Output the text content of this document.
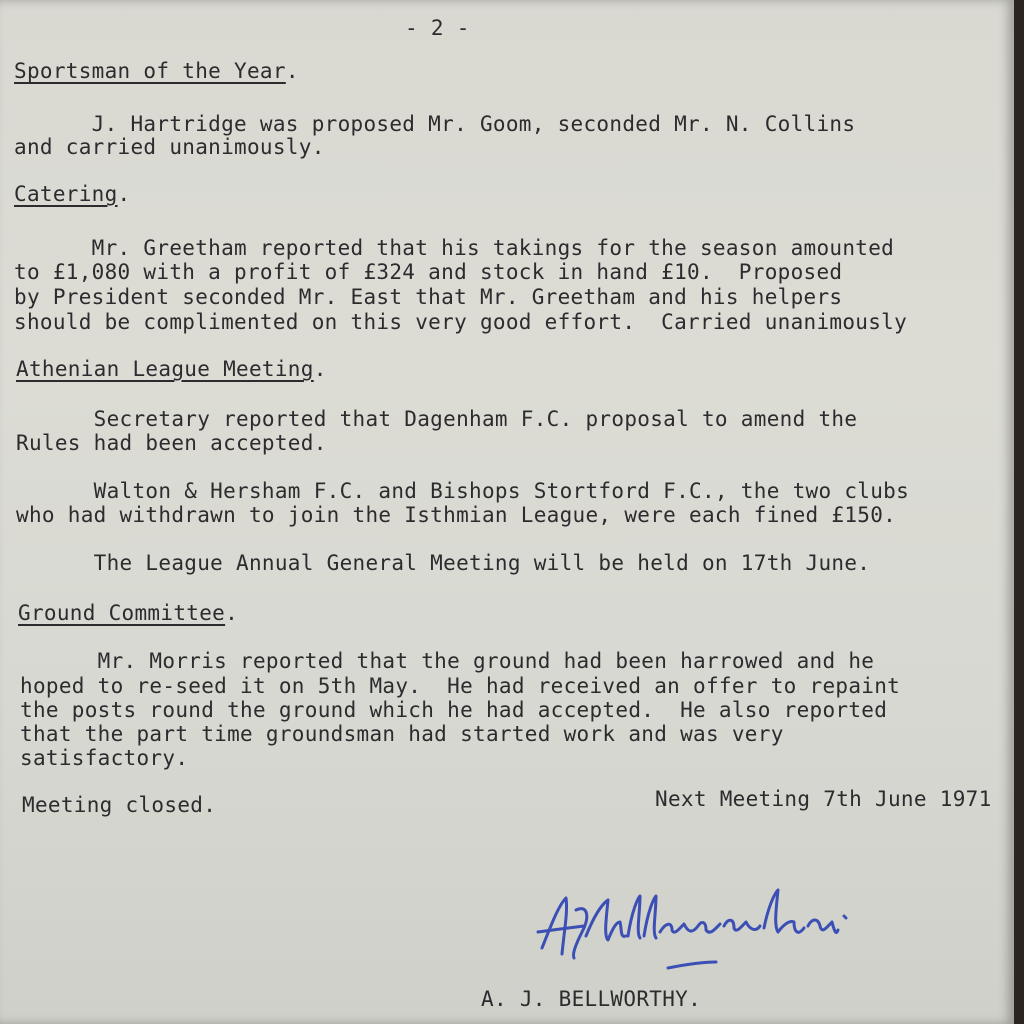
- 2 -
Sportsman of the Year.
J. Hartridge was proposed Mr. Goom, seconded Mr. N. Collins
and carried unanimously.
Catering.
Mr. Greetham reported that his takings for the season amounted
to £1,080 with a profit of £324 and stock in hand £10.  Proposed
by President seconded Mr. East that Mr. Greetham and his helpers
should be complimented on this very good effort.  Carried unanimously
Athenian League Meeting.
Secretary reported that Dagenham F.C. proposal to amend the
Rules had been accepted.
Walton & Hersham F.C. and Bishops Stortford F.C., the two clubs
who had withdrawn to join the Isthmian League, were each fined £150.
The League Annual General Meeting will be held on 17th June.
Ground Committee.
Mr. Morris reported that the ground had been harrowed and he
hoped to re-seed it on 5th May.  He had received an offer to repaint
the posts round the ground which he had accepted.  He also reported
that the part time groundsman had started work and was very
satisfactory.
Meeting closed.	Next Meeting 7th June 1971
A. J. BELLWORTHY.
